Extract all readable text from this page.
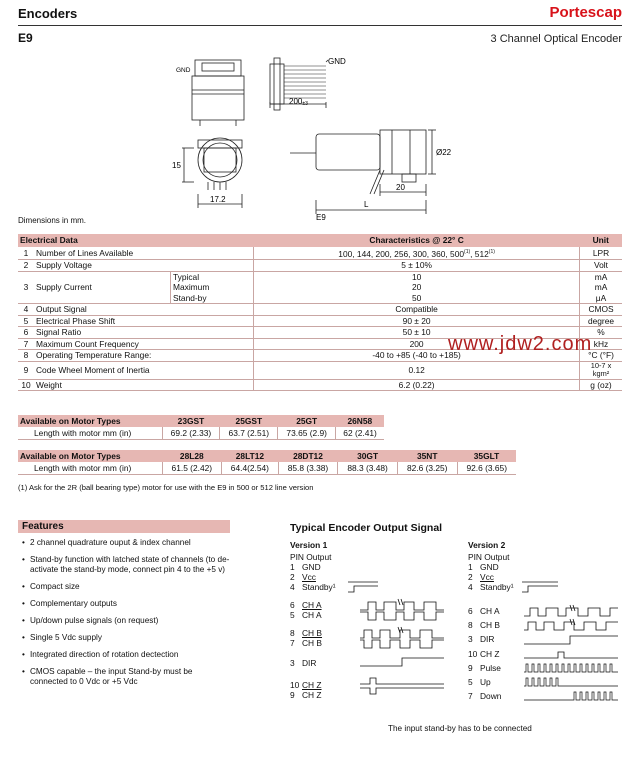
Encoders	Portescap
E9	3 Channel Optical Encoder
GND
GND
200±3
15
17.2
Ø22
20
L
E9
Dimensions in mm.
Electrical Data			Characteristics @ 22° C	Unit
1	Number of Lines Available		100, 144, 200, 256, 300, 360, 500$^{(1)}$, 512$^{(1)}$	LPR
2	Supply Voltage		5 ± 10%	Volt
3	Supply Current	Typical	10	mA
		Maximum	20	mA
		Stand-by	50	μA
4	Output Signal		Compatible	CMOS
5	Electrical Phase Shift		90 ± 20	degree
6	Signal Ratio		50 ± 10	%
7	Maximum Count Frequency		200	kHz
8	Operating Temperature Range:		-40 to +85 (-40 to +185)	°C (°F)
9	Code Wheel Moment of Inertia		0.12	10-7 x kgm²
10	Weight		6.2 (0.22)	g (oz)
Available on Motor Types	23GST	25GST	25GT	26N58
Length with motor mm (in)	69.2 (2.33)	63.7 (2.51)	73.65 (2.9)	62 (2.41)
Available on Motor Types	28L28	28LT12	28DT12	30GT	35NT	35GLT
Length with motor mm (in)	61.5 (2.42)	64.4(2.54)	85.8 (3.38)	88.3 (3.48)	82.6 (3.25)	92.6 (3.65)
(1) Ask for the 2R (ball bearing type) motor for use with the E9 in 500 or 512 line version
Features
• 2 channel quadrature ouput & index channel
• Stand-by function with latched state of channels (to de-activate the stand-by mode, connect pin 4 to the +5 v)
• Compact size
• Complementary outputs
• Up/down pulse signals (on request)
• Single 5 Vdc supply
• Integrated direction of rotation dectection
• CMOS capable – the input Stand-by must be connected to 0 Vdc or +5 Vdc
Typical Encoder Output Signal
Version 1
PIN Output
1 GND
2 Vcc
4 Standby¹
6 CH A
5 CH A
8 CH B
7 CH B
3 DIR
10 CH Z
9 CH Z
Version 2
PIN Output
1 GND
2 Vcc
4 Standby¹
6 CH A
8 CH B
3 DIR
10 CH Z
9 Pulse
5 Up
7 Down
The input stand-by has to be connected
www.jdw2.com
